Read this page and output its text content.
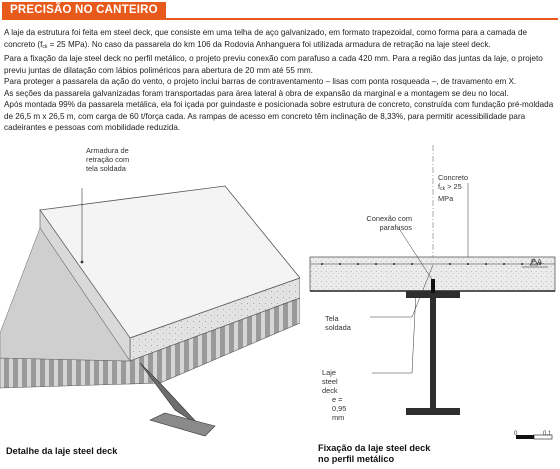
PRECISÃO NO CANTEIRO

A laje da estrutura foi feita em steel deck, que consiste em uma telha de aço galvanizado, em formato trapezoidal, como forma para a camada de concreto ($f_{ck} = 25$ MPa). No caso da passarela do km 106 da Rodovia Anhanguera foi utilizada armadura de retração na laje steel deck.

Para a fixação da laje steel deck no perfil metálico, o projeto previu conexão com parafuso a cada 420 mm. Para a região das juntas da laje, o projeto previu juntas de dilatação com lábios poliméricos para abertura de 20 mm até 55 mm.

Para proteger a passarela da ação do vento, o projeto inclui barras de contraventamento – lisas com ponta rosqueada –, de travamento em X.

As seções da passarela galvanizadas foram transportadas para área lateral à obra de expansão da marginal e a montagem se deu no local.

Após montada 99% da passarela metálica, ela foi içada por guindaste e posicionada sobre estrutura de concreto, construída com fundação pré-moldada de 26,5 m x 26,5 m, com carga de 60 t/força cada. As rampas de acesso em concreto têm inclinação de 8,33%, para permitir acessibilidade para cadeirantes e pessoas com mobilidade reduzida.

Armadura de
retração com
tela soldada
Concreto
$f_{ck} > 25$ MPa
Conexão com
parafusos
P.A.
Tela soldada
Laje steel deck
e = 0,95 mm
0	0,1
Detalhe da laje steel deck	Fixação da laje steel deck
no perfil metálico
